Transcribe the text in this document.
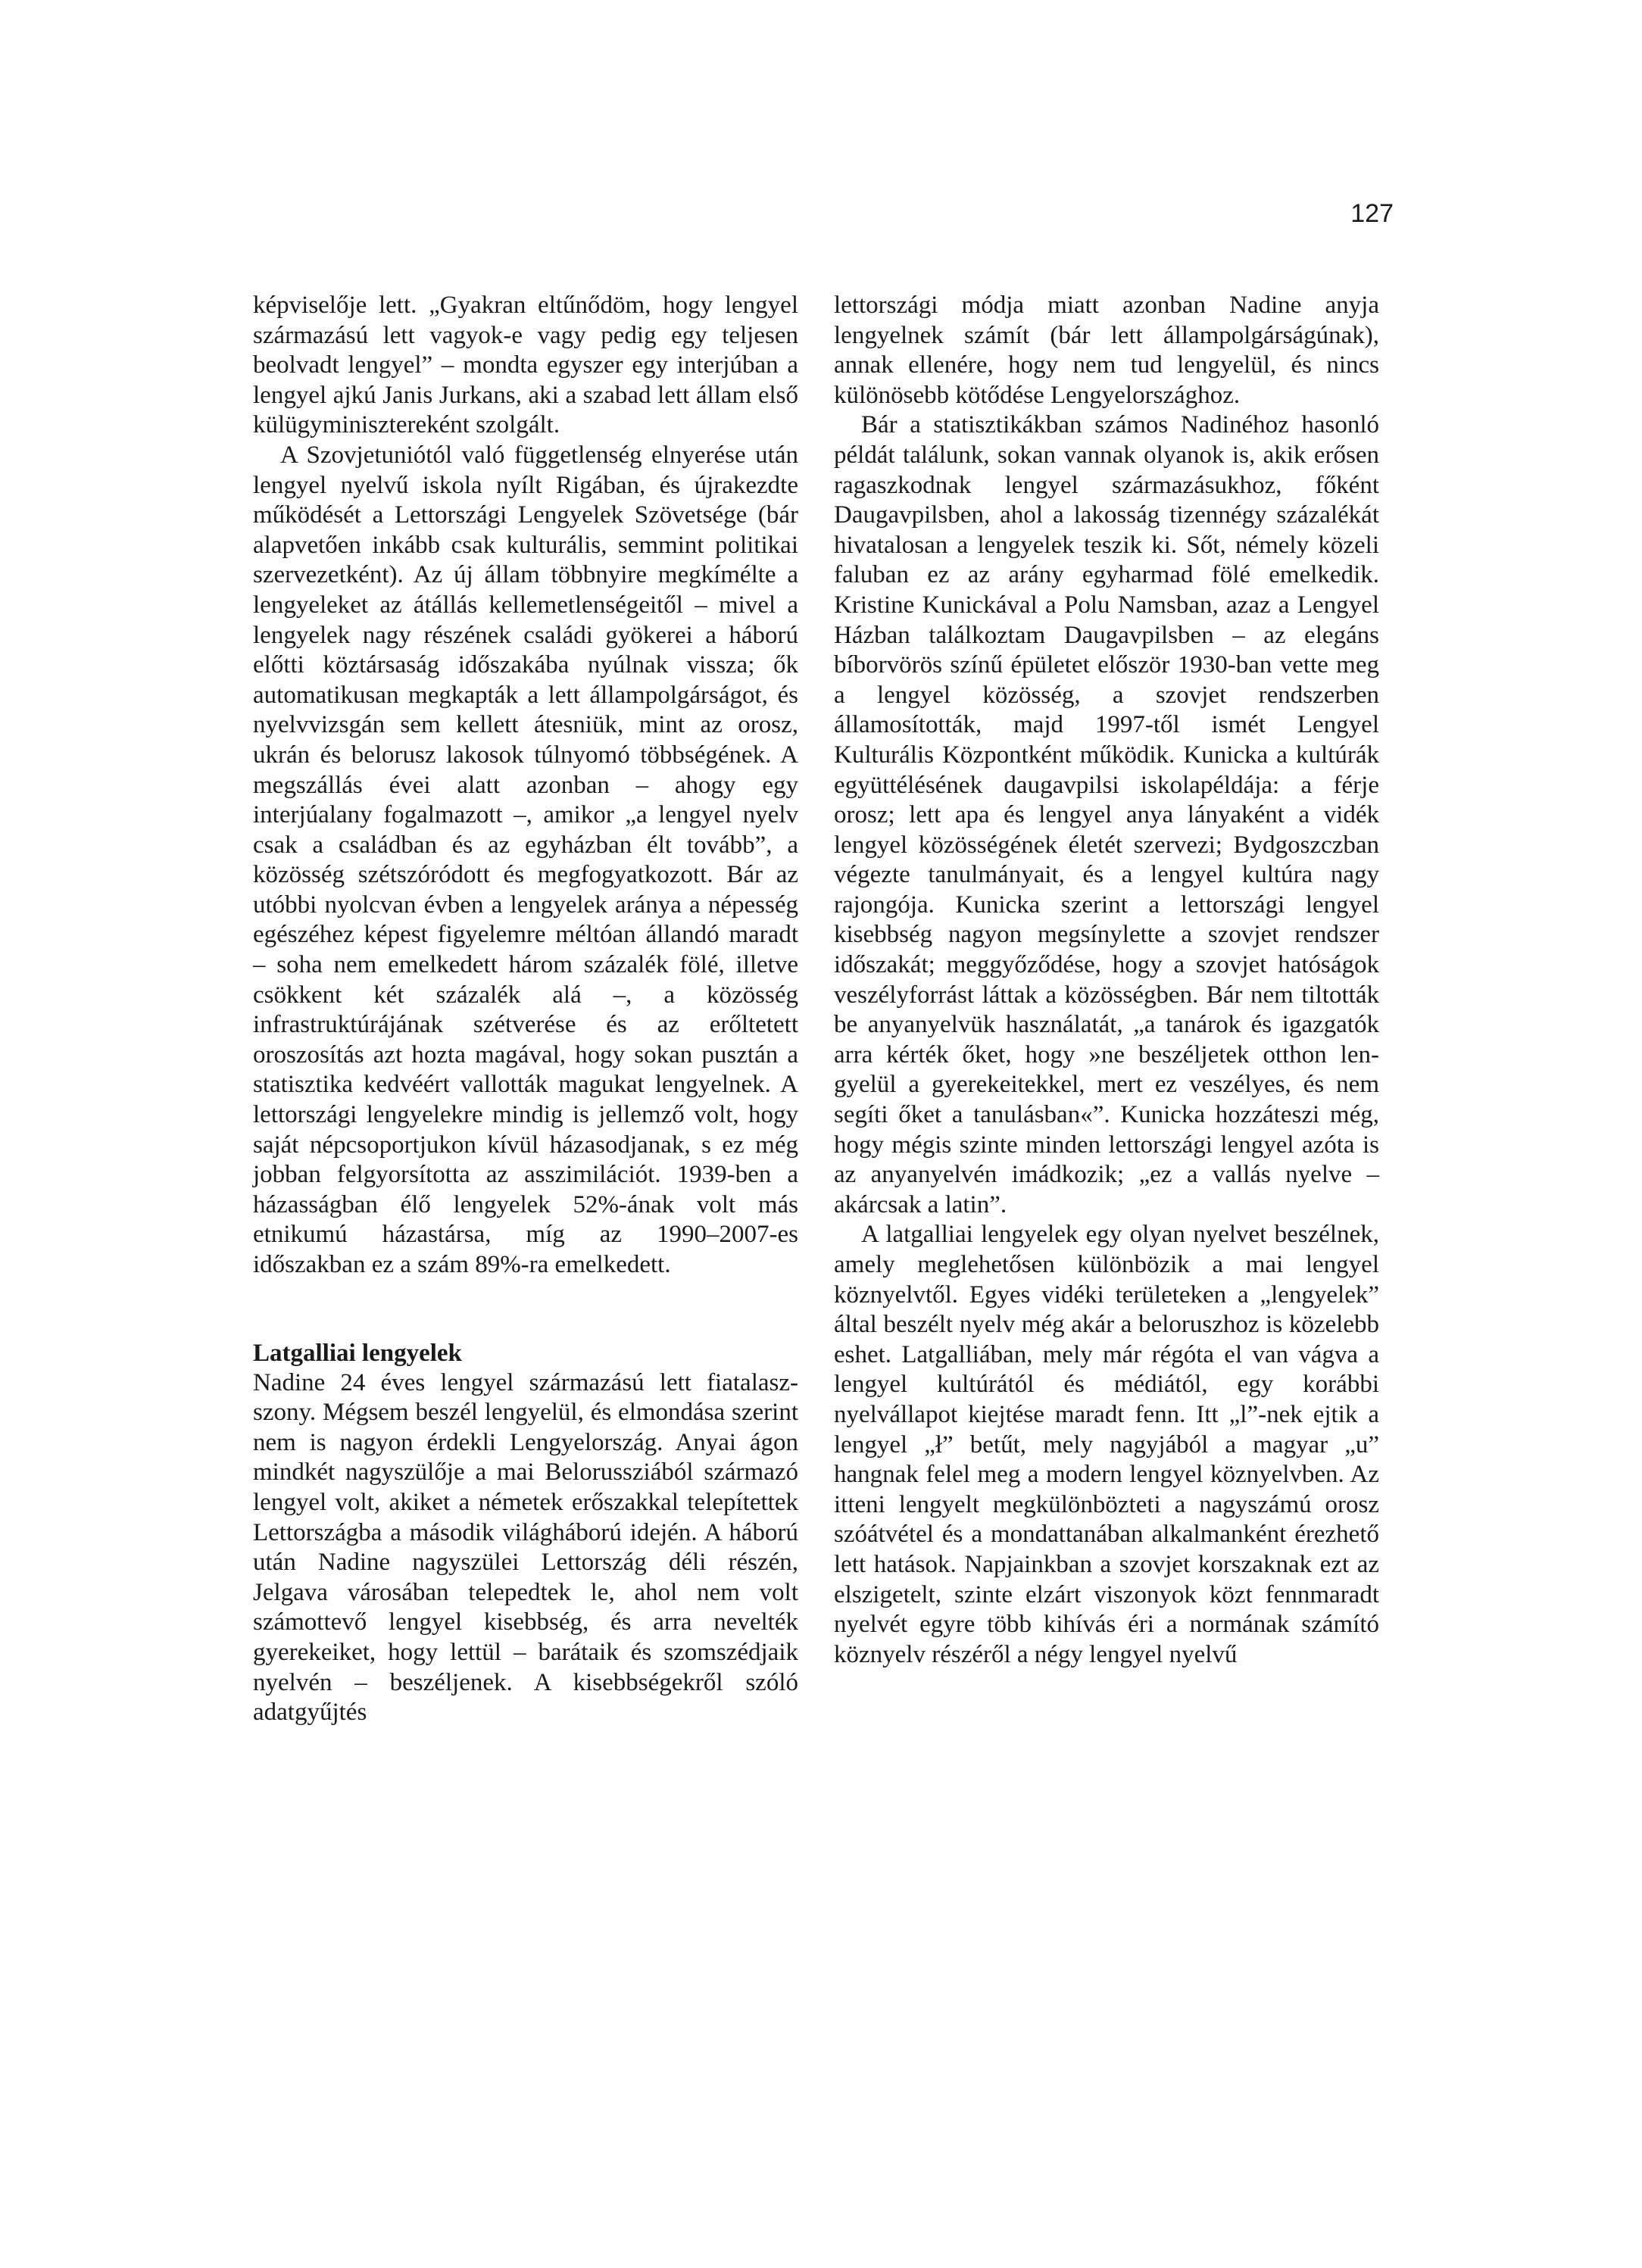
127

képviselője lett. „Gyakran eltűnődöm, hogy lengyel származású lett vagyok-e vagy pedig egy teljesen beolvadt lengyel” – mondta egyszer egy interjúban a lengyel ajkú Janis Jurkans, aki a szabad lett állam első külügyminisztereként szolgált.

A Szovjetuniótól való függetlenség elnyerése után lengyel nyelvű iskola nyílt Rigában, és újrakezdte működését a Lettországi Lengyelek Szövetsége (bár alapvetően inkább csak kulturális, semmint politikai szervezetként). Az új állam többnyire megkímélte a lengyeleket az átállás kellemetlenségeitől – mivel a lengyelek nagy részének családi gyökerei a háború előtti köztársaság időszakába nyúlnak vissza; ők automatikusan megkapták a lett állampolgárságot, és nyelvvizsgán sem kellett átesniük, mint az orosz, ukrán és belorusz lakosok túlnyomó többségének. A megszállás évei alatt azonban – ahogy egy interjúalany fogalmazott –, amikor „a lengyel nyelv csak a családban és az egyházban élt tovább”, a közösség szétszóródott és megfogyatkozott. Bár az utóbbi nyolcvan évben a lengyelek aránya a népesség egészéhez képest figyelemre méltóan állandó maradt – soha nem emelkedett három százalék fölé, illetve csökkent két százalék alá –, a közösség infrastruktúrájának szétverése és az erőltetett oroszosítás azt hozta magával, hogy sokan pusztán a statisztika kedvéért vallották magukat lengyelnek. A lettországi lengyelekre mindig is jellemző volt, hogy saját népcsoportjukon kívül házasodjanak, s ez még jobban felgyorsította az asszimilációt. 1939-ben a házasságban élő lengyelek 52%-ának volt más etnikumú házastársa, míg az 1990–2007-es időszakban ez a szám 89%-ra emelkedett.

Latgalliai lengyelek

Nadine 24 éves lengyel származású lett fiatalaszszony. Mégsem beszél lengyelül, és elmondása szerint nem is nagyon érdekli Lengyelország. Anyai ágon mindkét nagyszülője a mai Belorussziából származó lengyel volt, akiket a németek erőszakkal telepítettek Lettországba a második világháború idején. A háború után Nadine nagyszülei Lettország déli részén, Jelgava városában telepedtek le, ahol nem volt számottevő lengyel kisebbség, és arra nevelték gyerekeiket, hogy lettül – barátaik és szomszédjaik nyelvén – beszéljenek. A kisebbségekről szóló adatgyűjtés

lettországi módja miatt azonban Nadine anyja lengyelnek számít (bár lett állampolgárságúnak), annak ellenére, hogy nem tud lengyelül, és nincs különösebb kötődése Lengyelországhoz.

Bár a statisztikákban számos Nadinéhoz hasonló példát találunk, sokan vannak olyanok is, akik erősen ragaszkodnak lengyel származásukhoz, főként Daugavpilsben, ahol a lakosság tizennégy százalékát hivatalosan a lengyelek teszik ki. Sőt, némely közeli faluban ez az arány egyharmad fölé emelkedik. Kristine Kunickával a Polu Namsban, azaz a Lengyel Házban találkoztam Daugavpilsben – az elegáns bíborvörös színű épületet először 1930-ban vette meg a lengyel közösség, a szovjet rendszerben államosították, majd 1997-től ismét Lengyel Kulturális Központként működik. Kunicka a kultúrák együttélésének daugavpilsi iskolapéldája: a férje orosz; lett apa és lengyel anya lányaként a vidék lengyel közösségének életét szervezi; Bydgoszczban végezte tanulmányait, és a lengyel kultúra nagy rajongója. Kunicka szerint a lettországi lengyel kisebbség nagyon megsínylette a szovjet rendszer időszakát; meggyőződése, hogy a szovjet hatóságok veszélyforrást láttak a közösségben. Bár nem tiltották be anyanyelvük használatát, „a tanárok és igazgatók arra kérték őket, hogy »ne beszéljetek otthon lengyelül a gyerekeitekkel, mert ez veszélyes, és nem segíti őket a tanulásban«”. Kunicka hozzáteszi még, hogy mégis szinte minden lettországi lengyel azóta is az anyanyelvén imádkozik; „ez a vallás nyelve – akárcsak a latin”.

A latgalliai lengyelek egy olyan nyelvet beszélnek, amely meglehetősen különbözik a mai lengyel köznyelvtől. Egyes vidéki területeken a „lengyelek” által beszélt nyelv még akár a beloruszhoz is közelebb eshet. Latgalliában, mely már régóta el van vágva a lengyel kultúrától és médiától, egy korábbi nyelvállapot kiejtése maradt fenn. Itt „l”-nek ejtik a lengyel „ł” betűt, mely nagyjából a magyar „u” hangnak felel meg a modern lengyel köznyelvben. Az itteni lengyelt megkülönbözteti a nagyszámú orosz szóátvétel és a mondattanában alkalmanként érezhető lett hatások. Napjainkban a szovjet korszaknak ezt az elszigetelt, szinte elzárt viszonyok közt fennmaradt nyelvét egyre több kihívás éri a normának számító köznyelv részéről a négy lengyel nyelvű
